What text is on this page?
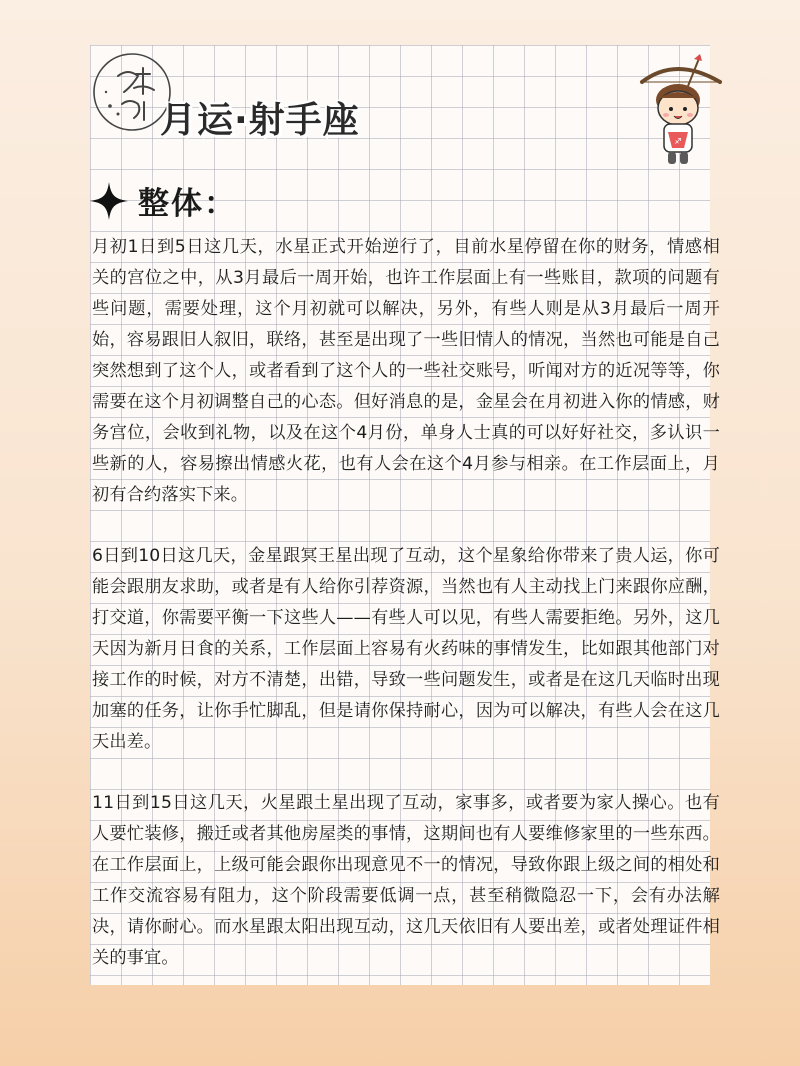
月运·射手座
♐
整体：

月初1日到5日这几天，水星正式开始逆行了，目前水星停留在你的财务，情感相关的宫位之中，从3月最后一周开始，也许工作层面上有一些账目，款项的问题有些问题，需要处理，这个月初就可以解决，另外，有些人则是从3月最后一周开始，容易跟旧人叙旧，联络，甚至是出现了一些旧情人的情况，当然也可能是自己突然想到了这个人，或者看到了这个人的一些社交账号，听闻对方的近况等等，你需要在这个月初调整自己的心态。但好消息的是，金星会在月初进入你的情感，财务宫位，会收到礼物，以及在这个4月份，单身人士真的可以好好社交，多认识一些新的人，容易擦出情感火花，也有人会在这个4月参与相亲。在工作层面上，月初有合约落实下来。

6日到10日这几天，金星跟冥王星出现了互动，这个星象给你带来了贵人运，你可能会跟朋友求助，或者是有人给你引荐资源，当然也有人主动找上门来跟你应酬，打交道，你需要平衡一下这些人——有些人可以见，有些人需要拒绝。另外，这几天因为新月日食的关系，工作层面上容易有火药味的事情发生，比如跟其他部门对接工作的时候，对方不清楚，出错，导致一些问题发生，或者是在这几天临时出现加塞的任务，让你手忙脚乱，但是请你保持耐心，因为可以解决，有些人会在这几天出差。

11日到15日这几天，火星跟土星出现了互动，家事多，或者要为家人操心。也有人要忙装修，搬迁或者其他房屋类的事情，这期间也有人要维修家里的一些东西。在工作层面上，上级可能会跟你出现意见不一的情况，导致你跟上级之间的相处和工作交流容易有阻力，这个阶段需要低调一点，甚至稍微隐忍一下，会有办法解决，请你耐心。而水星跟太阳出现互动，这几天依旧有人要出差，或者处理证件相关的事宜。
